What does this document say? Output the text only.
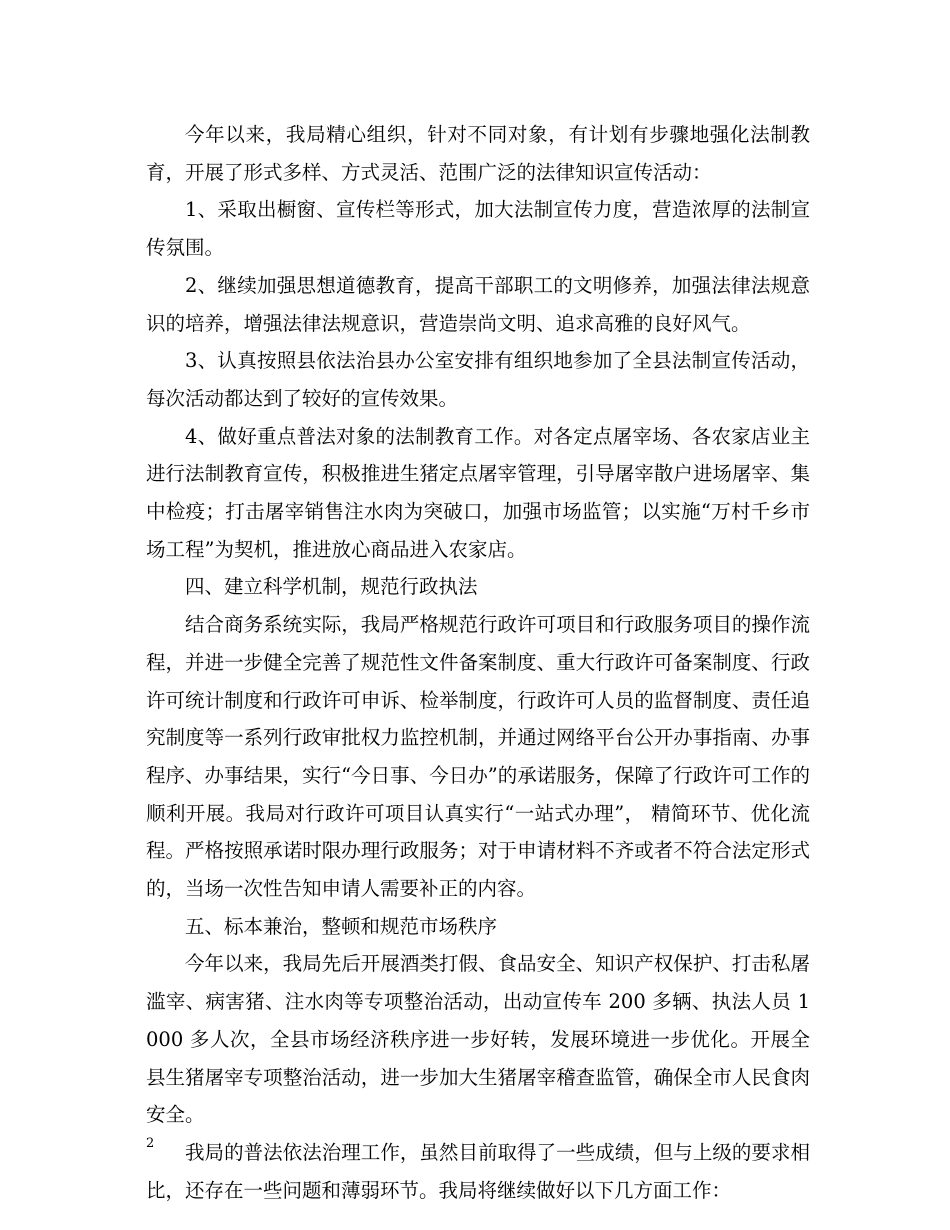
今年以来，我局精心组织，针对不同对象，有计划有步骤地强化法制教育，开展了形式多样、方式灵活、范围广泛的法律知识宣传活动：

1、采取出橱窗、宣传栏等形式，加大法制宣传力度，营造浓厚的法制宣传氛围。

2、继续加强思想道德教育，提高干部职工的文明修养，加强法律法规意识的培养，增强法律法规意识，营造崇尚文明、追求高雅的良好风气。

3、认真按照县依法治县办公室安排有组织地参加了全县法制宣传活动，每次活动都达到了较好的宣传效果。

4、做好重点普法对象的法制教育工作。对各定点屠宰场、各农家店业主进行法制教育宣传，积极推进生猪定点屠宰管理，引导屠宰散户进场屠宰、集中检疫；打击屠宰销售注水肉为突破口，加强市场监管；以实施“万村千乡市场工程”为契机，推进放心商品进入农家店。

四、建立科学机制，规范行政执法

结合商务系统实际，我局严格规范行政许可项目和行政服务项目的操作流程，并进一步健全完善了规范性文件备案制度、重大行政许可备案制度、行政许可统计制度和行政许可申诉、检举制度，行政许可人员的监督制度、责任追究制度等一系列行政审批权力监控机制，并通过网络平台公开办事指南、办事程序、办事结果，实行“今日事、今日办”的承诺服务，保障了行政许可工作的顺利开展。我局对行政许可项目认真实行“一站式办理”， 精简环节、优化流程。严格按照承诺时限办理行政服务；对于申请材料不齐或者不符合法定形式的，当场一次性告知申请人需要补正的内容。

五、标本兼治，整顿和规范市场秩序

今年以来，我局先后开展酒类打假、食品安全、知识产权保护、打击私屠滥宰、病害猪、注水肉等专项整治活动，出动宣传车 200 多辆、执法人员 1000 多人次，全县市场经济秩序进一步好转，发展环境进一步优化。开展全县生猪屠宰专项整治活动，进一步加大生猪屠宰稽查监管，确保全市人民食肉安全。

我局的普法依法治理工作，虽然目前取得了一些成绩，但与上级的要求相比，还存在一些问题和薄弱环节。我局将继续做好以下几方面工作：

2
